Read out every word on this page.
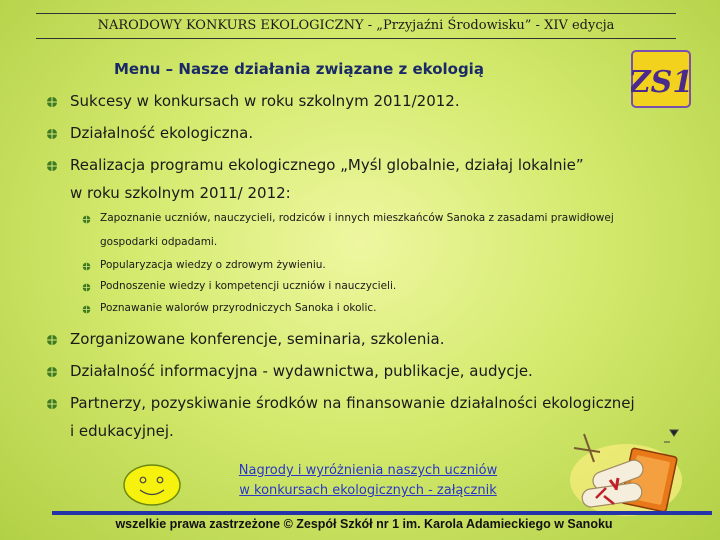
NARODOWY KONKURS EKOLOGICZNY - „Przyjaźni Środowisku” - XIV edycja
Menu – Nasze działania związane z ekologią	ZS1
Sukcesy w konkursach w roku szkolnym 2011/2012.
Działalność ekologiczna.
Realizacja programu ekologicznego „Myśl globalnie, działaj lokalnie”
w roku szkolnym 2011/ 2012:
Zapoznanie uczniów, nauczycieli, rodziców i innych mieszkańców Sanoka z zasadami prawidłowej
gospodarki odpadami.
Popularyzacja wiedzy o zdrowym żywieniu.
Podnoszenie wiedzy i kompetencji uczniów i nauczycieli.
Poznawanie walorów przyrodniczych Sanoka i okolic.
Zorganizowane konferencje, seminaria, szkolenia.
Działalność informacyjna - wydawnictwa, publikacje, audycje.
Partnerzy, pozyskiwanie środków na finansowanie działalności ekologicznej
i edukacyjnej.
Nagrody i wyróżnienia naszych uczniów
w konkursach ekologicznych - załącznik
wszelkie prawa zastrzeżone © Zespół Szkół nr 1 im. Karola Adamieckiego w Sanoku
